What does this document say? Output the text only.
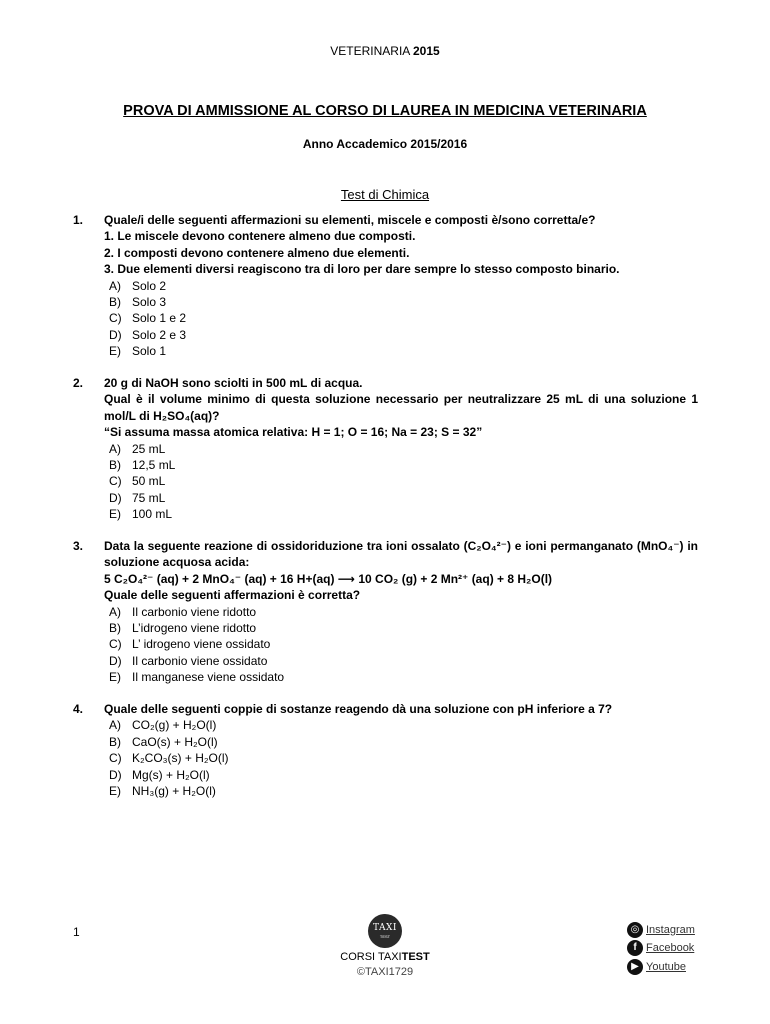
VETERINARIA 2015
PROVA DI AMMISSIONE AL CORSO DI LAUREA IN MEDICINA VETERINARIA
Anno Accademico 2015/2016
Test di Chimica
1. Quale/i delle seguenti affermazioni su elementi, miscele e composti è/sono corretta/e?
1. Le miscele devono contenere almeno due composti.
2. I composti devono contenere almeno due elementi.
3. Due elementi diversi reagiscono tra di loro per dare sempre lo stesso composto binario.
A) Solo 2
B) Solo 3
C) Solo 1 e 2
D) Solo 2 e 3
E) Solo 1
2. 20 g di NaOH sono sciolti in 500 mL di acqua.
Qual è il volume minimo di questa soluzione necessario per neutralizzare 25 mL di una soluzione 1 mol/L di H₂SO₄(aq)?
“Si assuma massa atomica relativa: H = 1; O = 16; Na = 23; S = 32”
A) 25 mL
B) 12,5 mL
C) 50 mL
D) 75 mL
E) 100 mL
3. Data la seguente reazione di ossidoriduzione tra ioni ossalato (C₂O₄²⁻) e ioni permanganato (MnO₄⁻) in soluzione acquosa acida:
5 C₂O₄²⁻ (aq) + 2 MnO₄⁻ (aq) + 16 H+(aq) ⟶ 10 CO₂ (g) + 2 Mn²⁺ (aq) + 8 H₂O(l)
Quale delle seguenti affermazioni è corretta?
A) Il carbonio viene ridotto
B) L’idrogeno viene ridotto
C) L’ idrogeno viene ossidato
D) Il carbonio viene ossidato
E) Il manganese viene ossidato
4. Quale delle seguenti coppie di sostanze reagendo dà una soluzione con pH inferiore a 7?
A) CO₂(g) + H₂O(l)
B) CaO(s) + H₂O(l)
C) K₂CO₃(s) + H₂O(l)
D) Mg(s) + H₂O(l)
E) NH₃(g) + H₂O(l)
1	TAXI
TEST
CORSI TAXITEST
©TAXI1729
◎ Instagram
f Facebook
▶ Youtube
